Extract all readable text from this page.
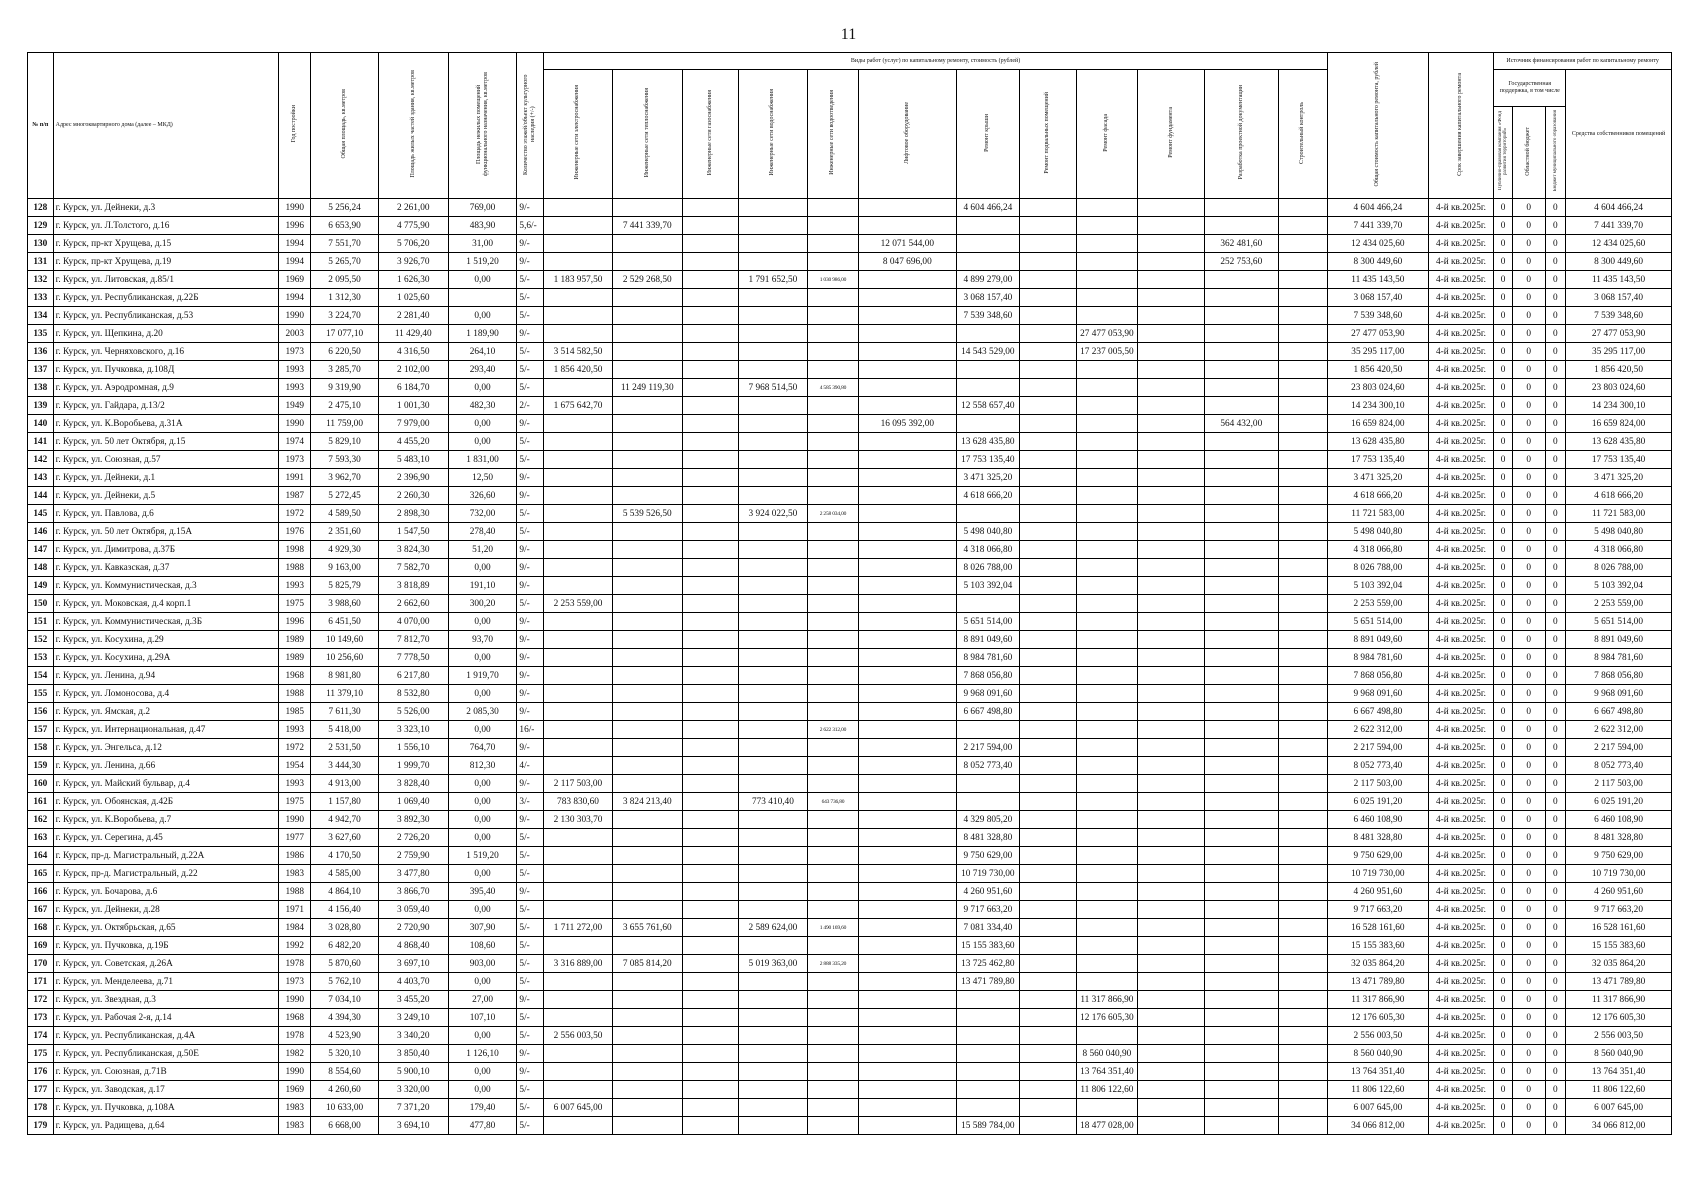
11
№ п/п	Адрес многоквартирного дома (далее – МКД)	Год постройки	Общая площадь, кв.метров	Площадь жилых частей здания, кв.метров	Площадь нежилых помещений функционального назначения, кв.метров	Количество этажей/объект культурного наследия (+/-)	Виды работ (услуг) по капитальному ремонту, стоимость (рублей)												Общая стоимость капитального ремонта, рублей	Срок завершения капитального ремонта	Источник финансирования работ по капитальному ремонту			
							Инженерные сети электроснабжения	Инженерные сети теплоснабжения	Инженерные сети газоснабжения	Инженерные сети водоснабжения	Инженерные сети водоотведения	Лифтовое оборудование	Ремонт крыши	Ремонт подвальных помещений	Ремонт фасада	Ремонт фундамента	Разработка проектной документации	Строительный контроль			Государственная поддержка, в том числе			Средства собственников помещений
																					Публично-правовая компания «Фонд развития территорий»	Областной бюджет	Бюджет муниципального образования	
128	г. Курск, ул. Дейнеки, д.3	1990	5 256,24	2 261,00	769,00	9/-							4 604 466,24						4 604 466,24	4-й кв.2025г.	0	0	0	4 604 466,24
129	г. Курск, ул. Л.Толстого, д.16	1996	6 653,90	4 775,90	483,90	5,6/-		7 441 339,70											7 441 339,70	4-й кв.2025г.	0	0	0	7 441 339,70
130	г. Курск, пр-кт Хрущева, д.15	1994	7 551,70	5 706,20	31,00	9/-						12 071 544,00					362 481,60		12 434 025,60	4-й кв.2025г.	0	0	0	12 434 025,60
131	г. Курск, пр-кт Хрущева, д.19	1994	5 265,70	3 926,70	1 519,20	9/-						8 047 696,00					252 753,60		8 300 449,60	4-й кв.2025г.	0	0	0	8 300 449,60
132	г. Курск, ул. Литовская, д.85/1	1969	2 095,50	1 626,30	0,00	5/-	1 183 957,50	2 529 268,50		1 791 652,50	1 030 986,00		4 899 279,00						11 435 143,50	4-й кв.2025г.	0	0	0	11 435 143,50
133	г. Курск, ул. Республиканская, д.22Б	1994	1 312,30	1 025,60		5/-							3 068 157,40						3 068 157,40	4-й кв.2025г.	0	0	0	3 068 157,40
134	г. Курск, ул. Республиканская, д.53	1990	3 224,70	2 281,40	0,00	5/-							7 539 348,60						7 539 348,60	4-й кв.2025г.	0	0	0	7 539 348,60
135	г. Курск, ул. Щепкина, д.20	2003	17 077,10	11 429,40	1 189,90	9/-									27 477 053,90				27 477 053,90	4-й кв.2025г.	0	0	0	27 477 053,90
136	г. Курск, ул. Черняховского, д.16	1973	6 220,50	4 316,50	264,10	5/-	3 514 582,50						14 543 529,00		17 237 005,50				35 295 117,00	4-й кв.2025г.	0	0	0	35 295 117,00
137	г. Курск, ул. Пучковка, д.108Д	1993	3 285,70	2 102,00	293,40	5/-	1 856 420,50												1 856 420,50	4-й кв.2025г.	0	0	0	1 856 420,50
138	г. Курск, ул. Аэродромная, д.9	1993	9 319,90	6 184,70	0,00	5/-		11 249 119,30		7 968 514,50	4 585 390,80								23 803 024,60	4-й кв.2025г.	0	0	0	23 803 024,60
139	г. Курск, ул. Гайдара, д.13/2	1949	2 475,10	1 001,30	482,30	2/-	1 675 642,70						12 558 657,40						14 234 300,10	4-й кв.2025г.	0	0	0	14 234 300,10
140	г. Курск, ул. К.Воробьева, д.31А	1990	11 759,00	7 979,00	0,00	9/-						16 095 392,00					564 432,00		16 659 824,00	4-й кв.2025г.	0	0	0	16 659 824,00
141	г. Курск, ул. 50 лет Октября, д.15	1974	5 829,10	4 455,20	0,00	5/-							13 628 435,80						13 628 435,80	4-й кв.2025г.	0	0	0	13 628 435,80
142	г. Курск, ул. Союзная, д.57	1973	7 593,30	5 483,10	1 831,00	5/-							17 753 135,40						17 753 135,40	4-й кв.2025г.	0	0	0	17 753 135,40
143	г. Курск, ул. Дейнеки, д.1	1991	3 962,70	2 396,90	12,50	9/-							3 471 325,20						3 471 325,20	4-й кв.2025г.	0	0	0	3 471 325,20
144	г. Курск, ул. Дейнеки, д.5	1987	5 272,45	2 260,30	326,60	9/-							4 618 666,20						4 618 666,20	4-й кв.2025г.	0	0	0	4 618 666,20
145	г. Курск, ул. Павлова, д.6	1972	4 589,50	2 898,30	732,00	5/-		5 539 526,50		3 924 022,50	2 258 034,00								11 721 583,00	4-й кв.2025г.	0	0	0	11 721 583,00
146	г. Курск, ул. 50 лет Октября, д.15А	1976	2 351,60	1 547,50	278,40	5/-							5 498 040,80						5 498 040,80	4-й кв.2025г.	0	0	0	5 498 040,80
147	г. Курск, ул. Димитрова, д.37Б	1998	4 929,30	3 824,30	51,20	9/-							4 318 066,80						4 318 066,80	4-й кв.2025г.	0	0	0	4 318 066,80
148	г. Курск, ул. Кавказская, д.37	1988	9 163,00	7 582,70	0,00	9/-							8 026 788,00						8 026 788,00	4-й кв.2025г.	0	0	0	8 026 788,00
149	г. Курск, ул. Коммунистическая, д.3	1993	5 825,79	3 818,89	191,10	9/-							5 103 392,04						5 103 392,04	4-й кв.2025г.	0	0	0	5 103 392,04
150	г. Курск, ул. Моковская, д.4 корп.1	1975	3 988,60	2 662,60	300,20	5/-	2 253 559,00												2 253 559,00	4-й кв.2025г.	0	0	0	2 253 559,00
151	г. Курск, ул. Коммунистическая, д.3Б	1996	6 451,50	4 070,00	0,00	9/-							5 651 514,00						5 651 514,00	4-й кв.2025г.	0	0	0	5 651 514,00
152	г. Курск, ул. Косухина, д.29	1989	10 149,60	7 812,70	93,70	9/-							8 891 049,60						8 891 049,60	4-й кв.2025г.	0	0	0	8 891 049,60
153	г. Курск, ул. Косухина, д.29А	1989	10 256,60	7 778,50	0,00	9/-							8 984 781,60						8 984 781,60	4-й кв.2025г.	0	0	0	8 984 781,60
154	г. Курск, ул. Ленина, д.94	1968	8 981,80	6 217,80	1 919,70	9/-							7 868 056,80						7 868 056,80	4-й кв.2025г.	0	0	0	7 868 056,80
155	г. Курск, ул. Ломоносова, д.4	1988	11 379,10	8 532,80	0,00	9/-							9 968 091,60						9 968 091,60	4-й кв.2025г.	0	0	0	9 968 091,60
156	г. Курск, ул. Ямская, д.2	1985	7 611,30	5 526,00	2 085,30	9/-							6 667 498,80						6 667 498,80	4-й кв.2025г.	0	0	0	6 667 498,80
157	г. Курск, ул. Интернациональная, д.47	1993	5 418,00	3 323,10	0,00	16/-					2 622 312,00								2 622 312,00	4-й кв.2025г.	0	0	0	2 622 312,00
158	г. Курск, ул. Энгельса, д.12	1972	2 531,50	1 556,10	764,70	9/-							2 217 594,00						2 217 594,00	4-й кв.2025г.	0	0	0	2 217 594,00
159	г. Курск, ул. Ленина, д.66	1954	3 444,30	1 999,70	812,30	4/-							8 052 773,40						8 052 773,40	4-й кв.2025г.	0	0	0	8 052 773,40
160	г. Курск, ул. Майский бульвар, д.4	1993	4 913,00	3 828,40	0,00	9/-	2 117 503,00												2 117 503,00	4-й кв.2025г.	0	0	0	2 117 503,00
161	г. Курск, ул. Обоянская, д.42Б	1975	1 157,80	1 069,40	0,00	3/-	783 830,60	3 824 213,40		773 410,40	643 736,80								6 025 191,20	4-й кв.2025г.	0	0	0	6 025 191,20
162	г. Курск, ул. К.Воробьева, д.7	1990	4 942,70	3 892,30	0,00	9/-	2 130 303,70						4 329 805,20						6 460 108,90	4-й кв.2025г.	0	0	0	6 460 108,90
163	г. Курск, ул. Серегина, д.45	1977	3 627,60	2 726,20	0,00	5/-							8 481 328,80						8 481 328,80	4-й кв.2025г.	0	0	0	8 481 328,80
164	г. Курск, пр-д. Магистральный, д.22А	1986	4 170,50	2 759,90	1 519,20	5/-							9 750 629,00						9 750 629,00	4-й кв.2025г.	0	0	0	9 750 629,00
165	г. Курск, пр-д. Магистральный, д.22	1983	4 585,00	3 477,80	0,00	5/-							10 719 730,00						10 719 730,00	4-й кв.2025г.	0	0	0	10 719 730,00
166	г. Курск, ул. Бочарова, д.6	1988	4 864,10	3 866,70	395,40	9/-							4 260 951,60						4 260 951,60	4-й кв.2025г.	0	0	0	4 260 951,60
167	г. Курск, ул. Дейнеки, д.28	1971	4 156,40	3 059,40	0,00	5/-							9 717 663,20						9 717 663,20	4-й кв.2025г.	0	0	0	9 717 663,20
168	г. Курск, ул. Октябрьская, д.65	1984	3 028,80	2 720,90	307,90	5/-	1 711 272,00	3 655 761,60		2 589 624,00	1 490 169,60		7 081 334,40						16 528 161,60	4-й кв.2025г.	0	0	0	16 528 161,60
169	г. Курск, ул. Пучковка, д.19Б	1992	6 482,20	4 868,40	108,60	5/-							15 155 383,60						15 155 383,60	4-й кв.2025г.	0	0	0	15 155 383,60
170	г. Курск, ул. Советская, д.26А	1978	5 870,60	3 697,10	903,00	5/-	3 316 889,00	7 085 814,20		5 019 363,00	2 888 335,20		13 725 462,80						32 035 864,20	4-й кв.2025г.	0	0	0	32 035 864,20
171	г. Курск, ул. Менделеева, д.71	1973	5 762,10	4 403,70	0,00	5/-							13 471 789,80						13 471 789,80	4-й кв.2025г.	0	0	0	13 471 789,80
172	г. Курск, ул. Звездная, д.3	1990	7 034,10	3 455,20	27,00	9/-									11 317 866,90				11 317 866,90	4-й кв.2025г.	0	0	0	11 317 866,90
173	г. Курск, ул. Рабочая 2-я, д.14	1968	4 394,30	3 249,10	107,10	5/-									12 176 605,30				12 176 605,30	4-й кв.2025г.	0	0	0	12 176 605,30
174	г. Курск, ул. Республиканская, д.4А	1978	4 523,90	3 340,20	0,00	5/-	2 556 003,50												2 556 003,50	4-й кв.2025г.	0	0	0	2 556 003,50
175	г. Курск, ул. Республиканская, д.50Е	1982	5 320,10	3 850,40	1 126,10	9/-									8 560 040,90				8 560 040,90	4-й кв.2025г.	0	0	0	8 560 040,90
176	г. Курск, ул. Союзная, д.71В	1990	8 554,60	5 900,10	0,00	9/-									13 764 351,40				13 764 351,40	4-й кв.2025г.	0	0	0	13 764 351,40
177	г. Курск, ул. Заводская, д.17	1969	4 260,60	3 320,00	0,00	5/-									11 806 122,60				11 806 122,60	4-й кв.2025г.	0	0	0	11 806 122,60
178	г. Курск, ул. Пучковка, д.108А	1983	10 633,00	7 371,20	179,40	5/-	6 007 645,00												6 007 645,00	4-й кв.2025г.	0	0	0	6 007 645,00
179	г. Курск, ул. Радищева, д.64	1983	6 668,00	3 694,10	477,80	5/-							15 589 784,00		18 477 028,00				34 066 812,00	4-й кв.2025г.	0	0	0	34 066 812,00
